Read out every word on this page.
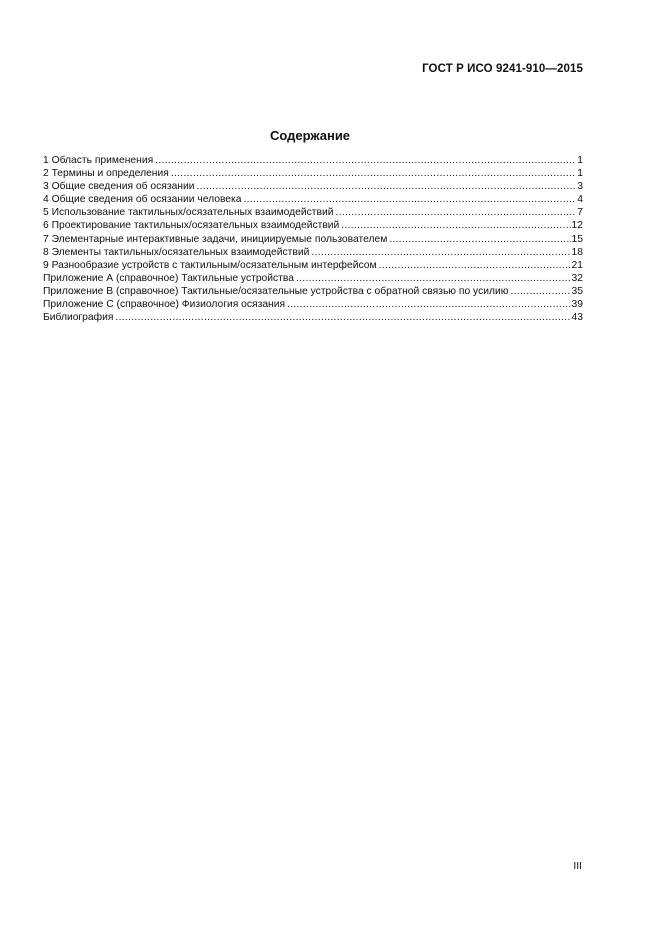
ГОСТ Р ИСО 9241-910—2015
Содержание
1 Область применения .....	1
2 Термины и определения .....	1
3 Общие сведения об осязании .....	3
4 Общие сведения об осязании человека .....	4
5 Использование тактильных/осязательных взаимодействий .....	7
6 Проектирование тактильных/осязательных взаимодействий .....	12
7 Элементарные интерактивные задачи, инициируемые пользователем .....	15
8 Элементы тактильных/осязательных взаимодействий .....	18
9 Разнообразие устройств с тактильным/осязательным интерфейсом .....	21
Приложение А (справочное) Тактильные устройства .....	32
Приложение В (справочное) Тактильные/осязательные устройства с обратной связью по усилию .....	35
Приложение С (справочное) Физиология осязания .....	39
Библиография .....	43
III
